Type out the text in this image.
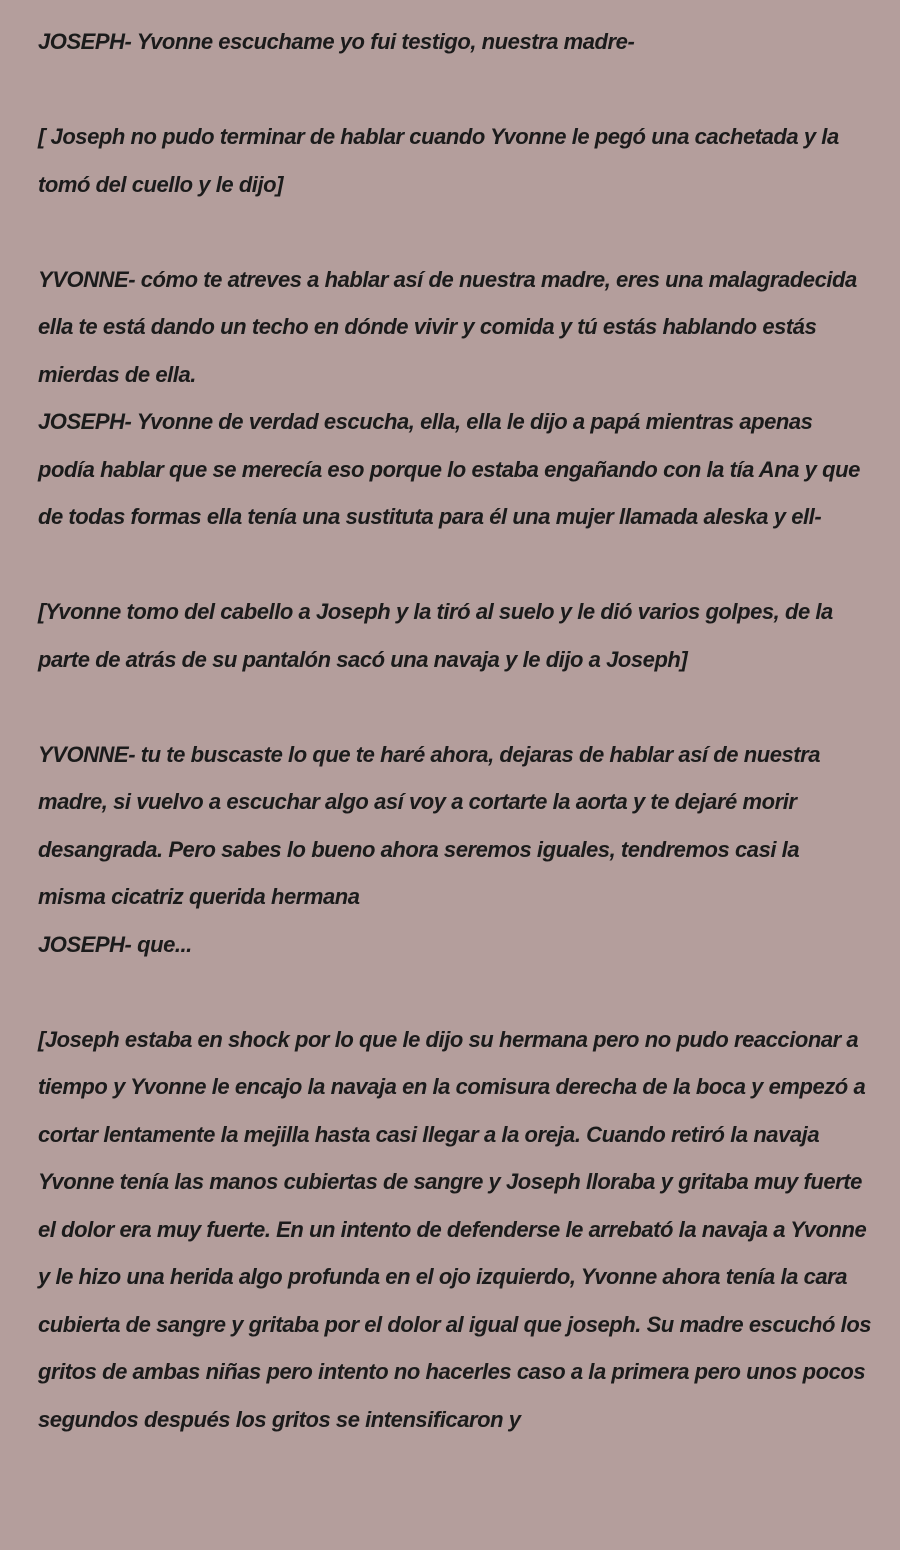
JOSEPH- Yvonne escuchame yo fui testigo, nuestra madre-

[ Joseph no pudo terminar de hablar cuando Yvonne le pegó una cachetada y la tomó del cuello y le dijo]

YVONNE- cómo te atreves a hablar así de nuestra madre, eres una malagradecida ella te está dando un techo en dónde vivir y comida y tú estás hablando estás mierdas de ella.

JOSEPH- Yvonne de verdad escucha, ella, ella le dijo a papá mientras apenas podía hablar que se merecía eso porque lo estaba engañando con la tía Ana y que de todas formas ella tenía una sustituta para él una mujer llamada aleska y ell-

[Yvonne tomo del cabello a Joseph y la tiró al suelo y le dió varios golpes, de la parte de atrás de su pantalón sacó una navaja y le dijo a Joseph]

YVONNE- tu te buscaste lo que te haré ahora, dejaras de hablar así de nuestra madre, si vuelvo a escuchar algo así voy a cortarte la aorta y te dejaré morir desangrada. Pero sabes lo bueno ahora seremos iguales, tendremos casi la misma cicatriz querida hermana

JOSEPH- que...

[Joseph estaba en shock por lo que le dijo su hermana pero no pudo reaccionar a tiempo y Yvonne le encajo la navaja en la comisura derecha de la boca y empezó a cortar lentamente la mejilla hasta casi llegar a la oreja. Cuando retiró la navaja Yvonne tenía las manos cubiertas de sangre y Joseph lloraba y gritaba muy fuerte el dolor era muy fuerte. En un intento de defenderse le arrebató la navaja a Yvonne y le hizo una herida algo profunda en el ojo izquierdo, Yvonne ahora tenía la cara cubierta de sangre y gritaba por el dolor al igual que joseph. Su madre escuchó los gritos de ambas niñas pero intento no hacerles caso a la primera pero unos pocos segundos después los gritos se intensificaron y
